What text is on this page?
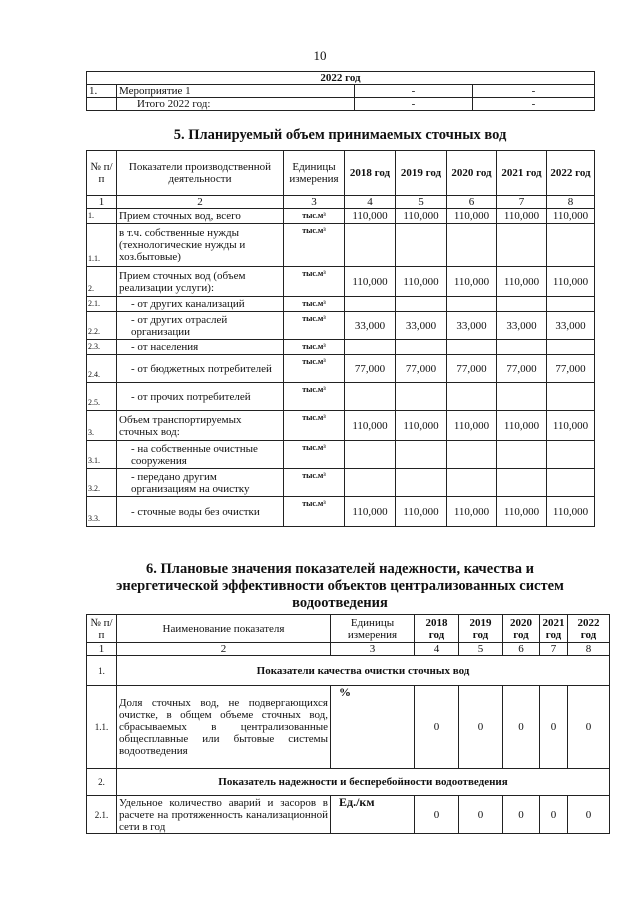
10
2022 год			
1.	Мероприятие 1	-	-
	Итого 2022 год:	-	-
5. Планируемый объем принимаемых сточных вод
№ п/ п	Показатели производственной деятельности	Единицы измерения	2018 год	2019 год	2020 год	2021 год	2022 год
1	2	3	4	5	6	7	8
1.	Прием сточных вод, всего	тыс.м³	110,000	110,000	110,000	110,000	110,000
1.1.	в т.ч. собственные нужды (технологические нужды и хоз.бытовые)	тыс.м³					
2.	Прием сточных вод (объем реализации услуги):	тыс.м³	110,000	110,000	110,000	110,000	110,000
2.1.	- от других канализаций	тыс.м³					
2.2.	- от других отраслей организации	тыс.м³	33,000	33,000	33,000	33,000	33,000
2.3.	- от населения	тыс.м³					
2.4.	- от бюджетных потребителей	тыс.м³	77,000	77,000	77,000	77,000	77,000
2.5.	- от прочих потребителей	тыс.м³					
3.	Объем транспортируемых сточных вод:	тыс.м³	110,000	110,000	110,000	110,000	110,000
3.1.	- на собственные очистные сооружения	тыс.м³					
3.2.	- передано другим организациям на очистку	тыс.м³					
3.3.	- сточные воды без очистки	тыс.м³	110,000	110,000	110,000	110,000	110,000
6. Плановые значения показателей надежности, качества и
энергетической эффективности объектов централизованных систем
водоотведения
№ п/п	Наименование показателя	Единицы измерения	2018 год	2019 год	2020 год	2021 год	2022 год
1	2	3	4	5	6	7	8
1.	Показатели качества очистки сточных вод						
1.1.	Доля сточных вод, не подвергающихся очистке, в общем объеме сточных вод, сбрасываемых в централизованные общесплавные или бытовые системы водоотведения	%	0	0	0	0	0
2.	Показатель надежности и бесперебойности водоотведения						
2.1.	Удельное количество аварий и засоров в расчете на протяженность канализационной сети в год	Ед./км	0	0	0	0	0
